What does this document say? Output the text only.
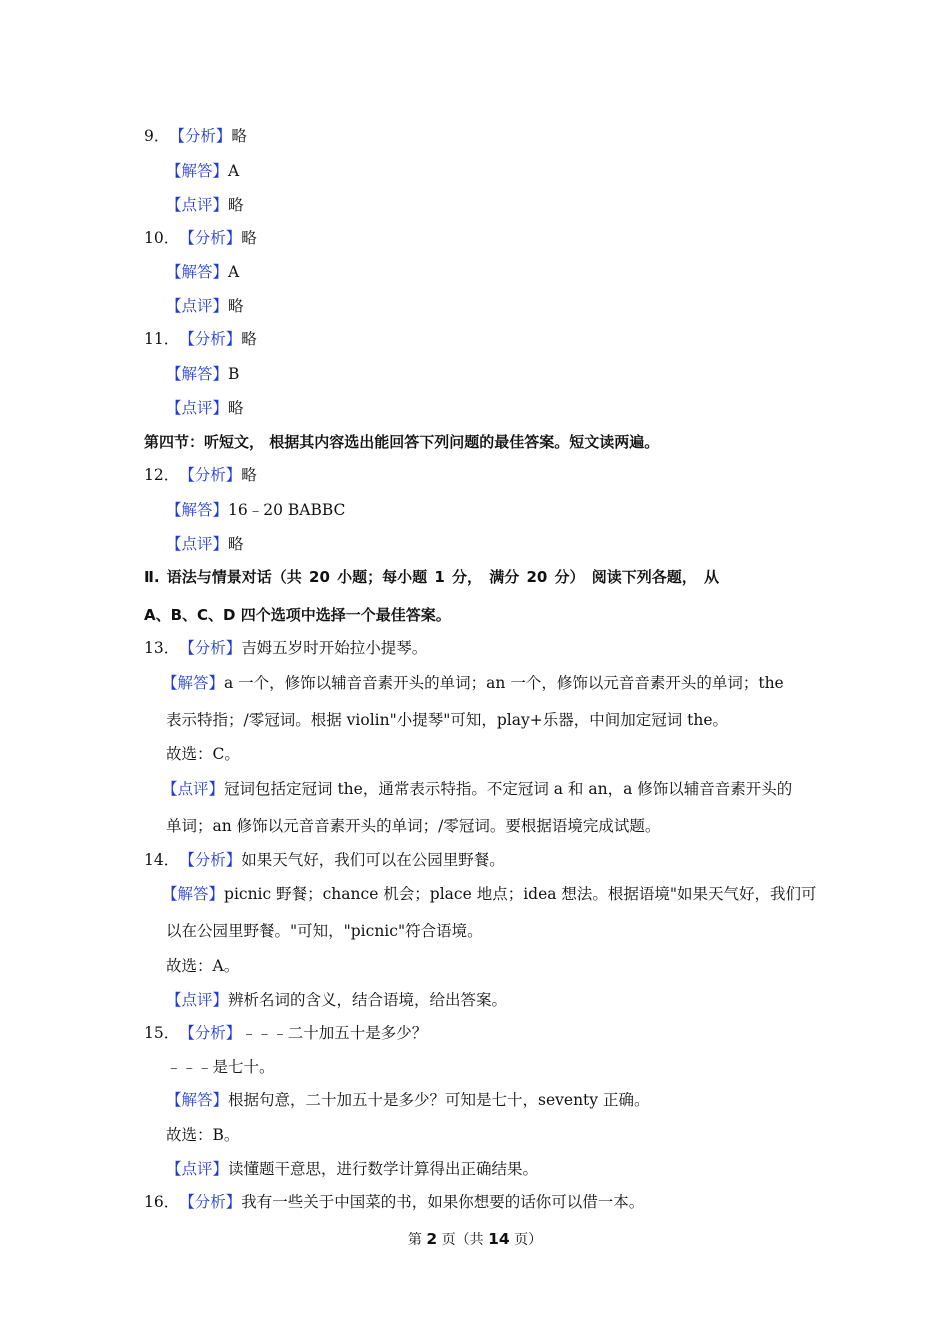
9．【分析】略
【解答】A
【点评】略
10．【分析】略
【解答】A
【点评】略
11．【分析】略
【解答】B
【点评】略
第四节：听短文， 根据其内容选出能回答下列问题的最佳答案。短文读两遍。
12．【分析】略
【解答】16﹣20 BABBC
【点评】略
Ⅱ. 语法与情景对话（共 20 小题；每小题 1 分， 满分 20 分） 阅读下列各题， 从
A、B、C、D 四个选项中选择一个最佳答案。
13．【分析】吉姆五岁时开始拉小提琴。
【解答】a 一个，修饰以辅音音素开头的单词；an 一个，修饰以元音音素开头的单词；the
表示特指；/零冠词。根据 violin"小提琴"可知，play+乐器，中间加定冠词 the。
故选：C。
【点评】冠词包括定冠词 the，通常表示特指。不定冠词 a 和 an，a 修饰以辅音音素开头的
单词；an 修饰以元音音素开头的单词；/零冠词。要根据语境完成试题。
14．【分析】如果天气好，我们可以在公园里野餐。
【解答】picnic 野餐；chance 机会；place 地点；idea 想法。根据语境"如果天气好，我们可
以在公园里野餐。"可知，"picnic"符合语境。
故选：A。
【点评】辨析名词的含义，结合语境，给出答案。
15．【分析】﹣﹣﹣二十加五十是多少？
﹣﹣﹣是七十。
【解答】根据句意，二十加五十是多少？可知是七十，seventy 正确。
故选：B。
【点评】读懂题干意思，进行数学计算得出正确结果。
16．【分析】我有一些关于中国菜的书，如果你想要的话你可以借一本。
第 2 页（共 14 页）
